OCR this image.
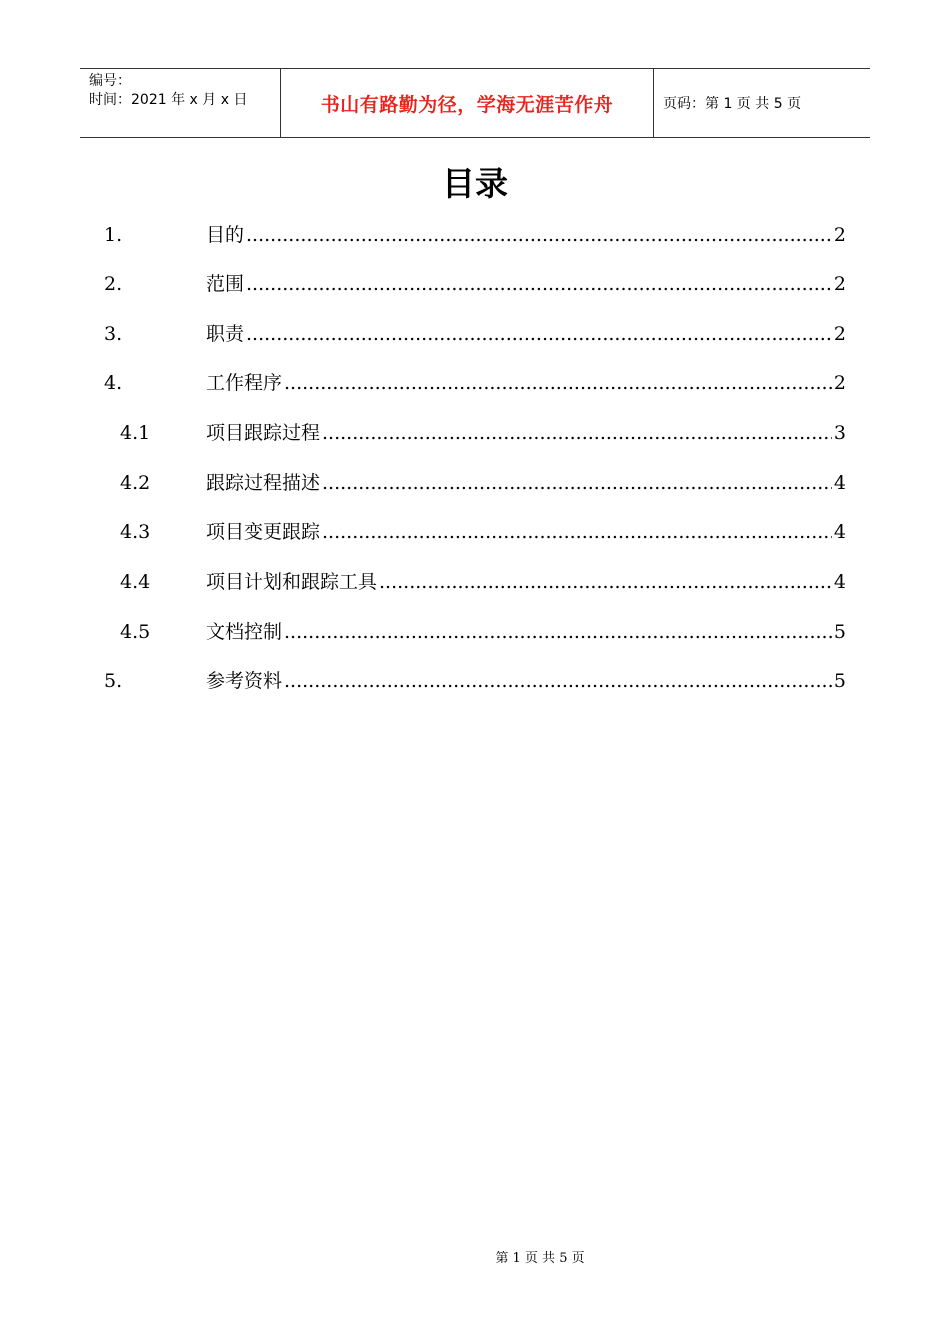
编号：
时间：2021 年 x 月 x 日	书山有路勤为径，学海无涯苦作舟	页码：第 1 页 共 5 页
目录
1.	目的 .....	2
2.	范围 .....	2
3.	职责 .....	2
4.	工作程序 .....	2
4.1	项目跟踪过程 .....	3
4.2	跟踪过程描述 .....	4
4.3	项目变更跟踪 .....	4
4.4	项目计划和跟踪工具 .....	4
4.5	文档控制 .....	5
5.	参考资料 .....	5
第 1 页 共 5 页
